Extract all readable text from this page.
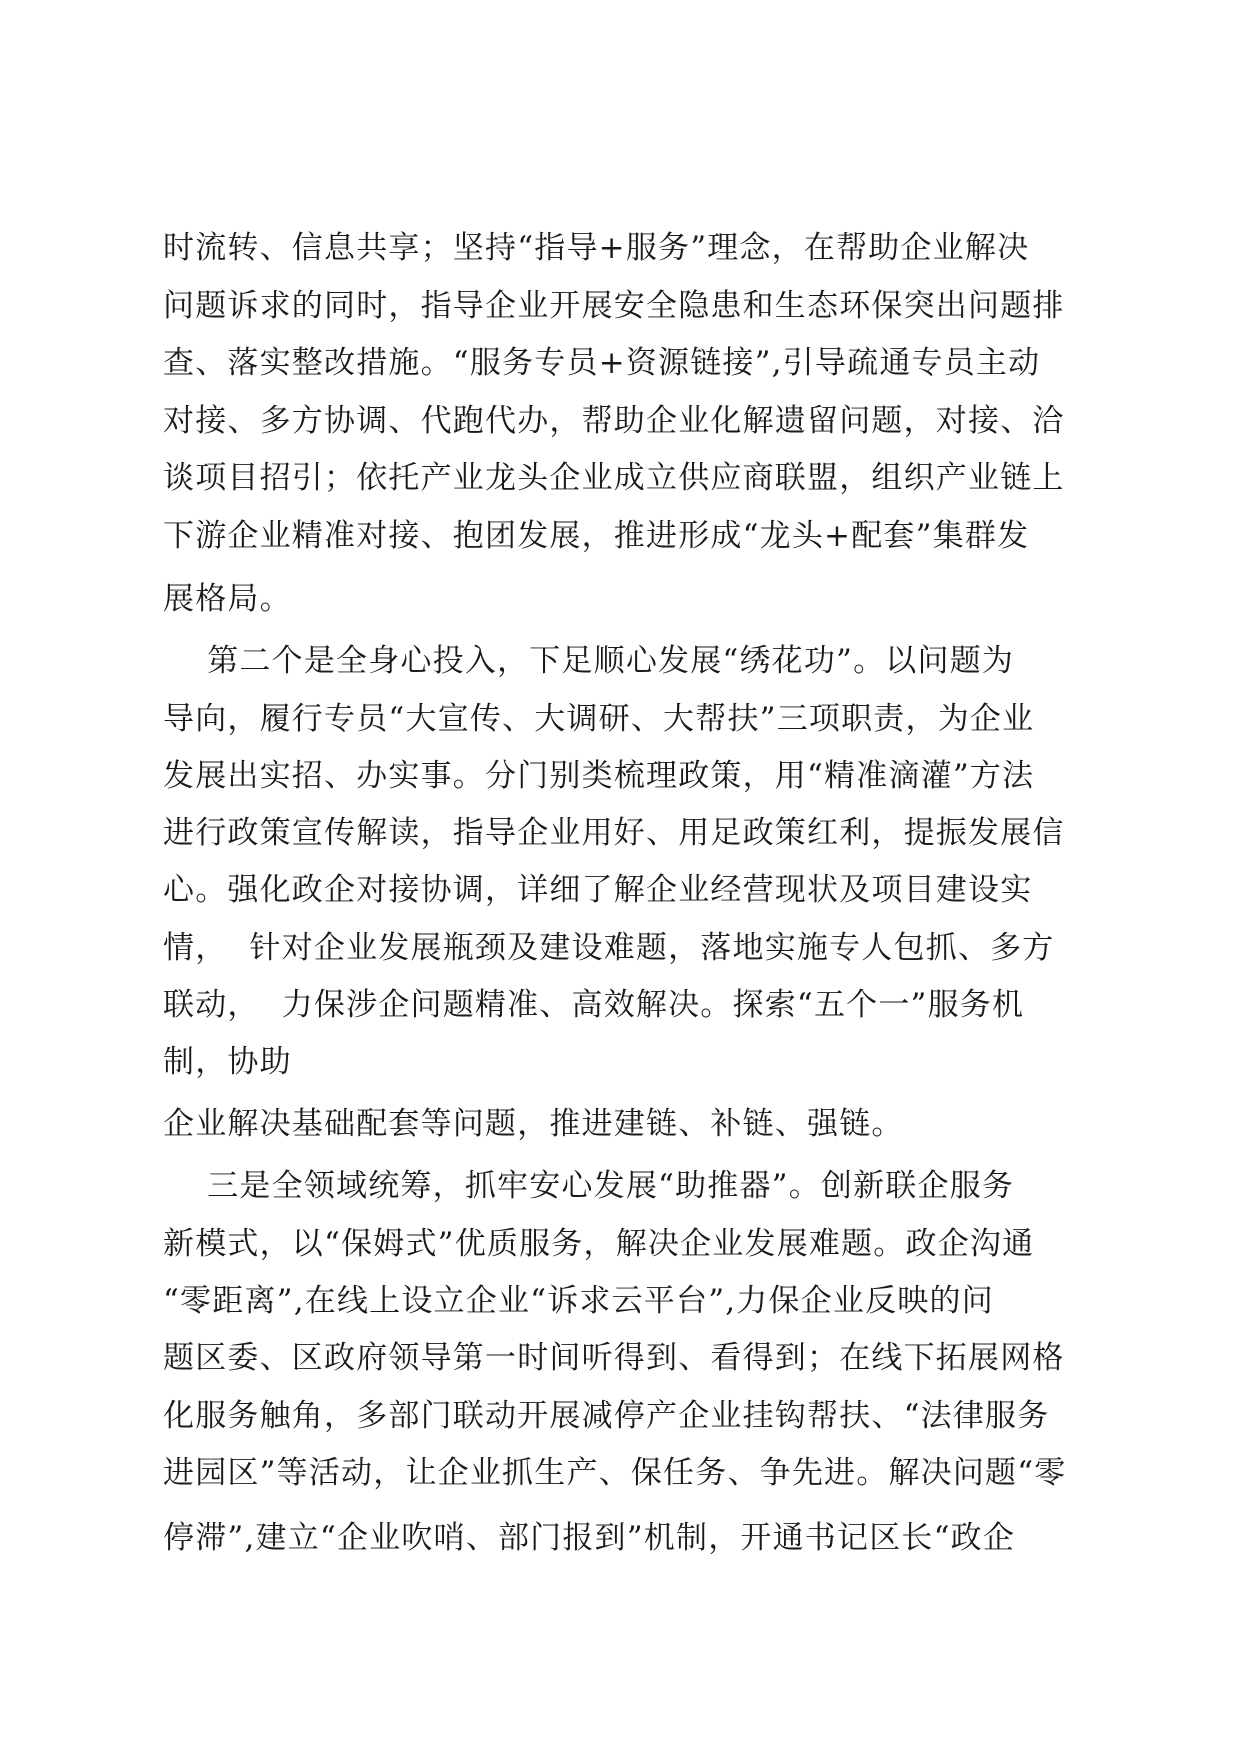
时流转、信息共享；坚持“指导+服务”理念，在帮助企业解决
问题诉求的同时，指导企业开展安全隐患和生态环保突出问题排
查、落实整改措施。“服务专员+资源链接”,引导疏通专员主动
对接、多方协调、代跑代办，帮助企业化解遗留问题，对接、洽
谈项目招引；依托产业龙头企业成立供应商联盟，组织产业链上
下游企业精准对接、抱团发展，推进形成“龙头+配套”集群发
展格局。
第二个是全身心投入，下足顺心发展“绣花功”。以问题为
导向，履行专员“大宣传、大调研、大帮扶”三项职责，为企业
发展出实招、办实事。分门别类梳理政策，用“精准滴灌”方法
进行政策宣传解读，指导企业用好、用足政策红利，提振发展信
心。强化政企对接协调，详细了解企业经营现状及项目建设实
情，  针对企业发展瓶颈及建设难题，落地实施专人包抓、多方
联动，  力保涉企问题精准、高效解决。探索“五个一”服务机
制，协助
企业解决基础配套等问题，推进建链、补链、强链。
三是全领域统筹，抓牢安心发展“助推器”。创新联企服务
新模式，以“保姆式”优质服务，解决企业发展难题。政企沟通
“零距离”,在线上设立企业“诉求云平台”,力保企业反映的问
题区委、区政府领导第一时间听得到、看得到；在线下拓展网格
化服务触角，多部门联动开展减停产企业挂钩帮扶、“法律服务
进园区”等活动，让企业抓生产、保任务、争先进。解决问题“零
停滞”,建立“企业吹哨、部门报到”机制，开通书记区长“政企
